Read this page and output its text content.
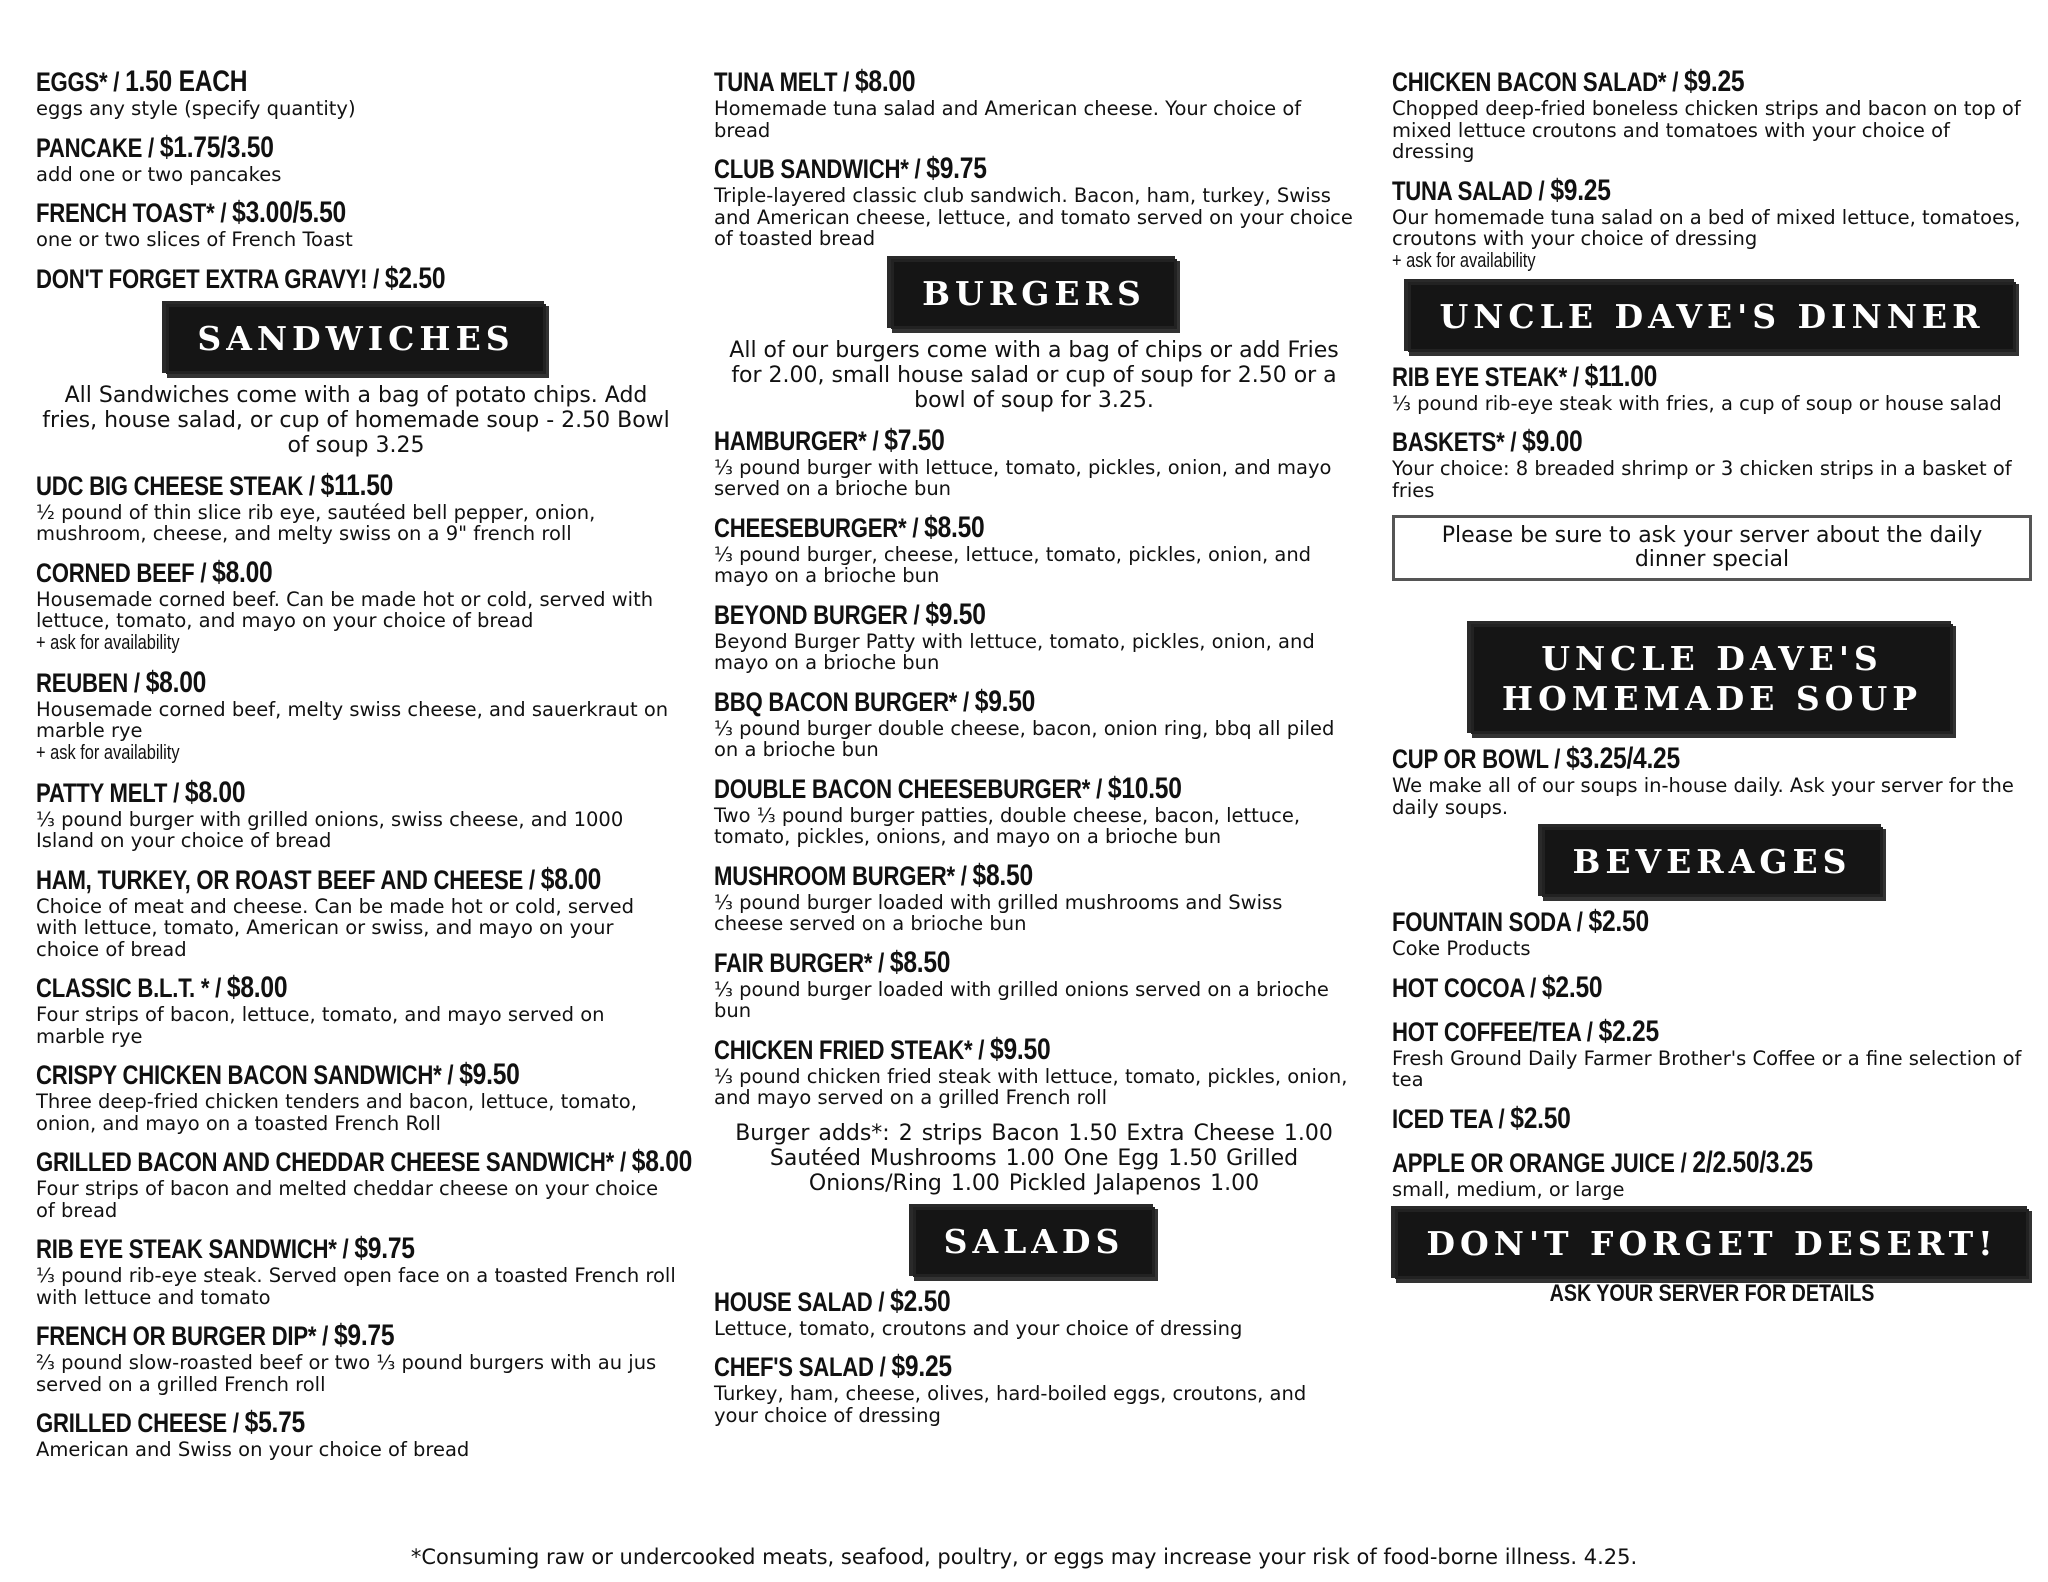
EGGS* / 1.50 EACH
eggs any style (specify quantity)
PANCAKE / $1.75/3.50
add one or two pancakes
FRENCH TOAST* / $3.00/5.50
one or two slices of French Toast
DON'T FORGET EXTRA GRAVY! / $2.50
SANDWICHES
All Sandwiches come with a bag of potato chips. Add fries, house salad, or cup of homemade soup - 2.50 Bowl of soup 3.25
UDC BIG CHEESE STEAK / $11.50
½ pound of thin slice rib eye, sautéed bell pepper, onion, mushroom, cheese, and melty swiss on a 9" french roll
CORNED BEEF / $8.00
Housemade corned beef. Can be made hot or cold, served with lettuce, tomato, and mayo on your choice of bread
+ ask for availability
REUBEN / $8.00
Housemade corned beef, melty swiss cheese, and sauerkraut on marble rye
+ ask for availability
PATTY MELT / $8.00
⅓ pound burger with grilled onions, swiss cheese, and 1000 Island on your choice of bread
HAM, TURKEY, OR ROAST BEEF AND CHEESE / $8.00
Choice of meat and cheese. Can be made hot or cold, served with lettuce, tomato, American or swiss, and mayo on your choice of bread
CLASSIC B.L.T. * / $8.00
Four strips of bacon, lettuce, tomato, and mayo served on marble rye
CRISPY CHICKEN BACON SANDWICH* / $9.50
Three deep-fried chicken tenders and bacon, lettuce, tomato, onion, and mayo on a toasted French Roll
GRILLED BACON AND CHEDDAR CHEESE SANDWICH* / $8.00
Four strips of bacon and melted cheddar cheese on your choice of bread
RIB EYE STEAK SANDWICH* / $9.75
⅓ pound rib-eye steak. Served open face on a toasted French roll with lettuce and tomato
FRENCH OR BURGER DIP* / $9.75
⅔ pound slow-roasted beef or two ⅓ pound burgers with au jus served on a grilled French roll
GRILLED CHEESE / $5.75
American and Swiss on your choice of bread
TUNA MELT / $8.00
Homemade tuna salad and American cheese. Your choice of bread
CLUB SANDWICH* / $9.75
Triple-layered classic club sandwich. Bacon, ham, turkey, Swiss and American cheese, lettuce, and tomato served on your choice of toasted bread
BURGERS
All of our burgers come with a bag of chips or add Fries for 2.00, small house salad or cup of soup for 2.50 or a bowl of soup for 3.25.
HAMBURGER* / $7.50
⅓ pound burger with lettuce, tomato, pickles, onion, and mayo served on a brioche bun
CHEESEBURGER* / $8.50
⅓ pound burger, cheese, lettuce, tomato, pickles, onion, and mayo on a brioche bun
BEYOND BURGER / $9.50
Beyond Burger Patty with lettuce, tomato, pickles, onion, and mayo on a brioche bun
BBQ BACON BURGER* / $9.50
⅓ pound burger double cheese, bacon, onion ring, bbq all piled on a brioche bun
DOUBLE BACON CHEESEBURGER* / $10.50
Two ⅓ pound burger patties, double cheese, bacon, lettuce, tomato, pickles, onions, and mayo on a brioche bun
MUSHROOM BURGER* / $8.50
⅓ pound burger loaded with grilled mushrooms and Swiss cheese served on a brioche bun
FAIR BURGER* / $8.50
⅓ pound burger loaded with grilled onions served on a brioche bun
CHICKEN FRIED STEAK* / $9.50
⅓ pound chicken fried steak with lettuce, tomato, pickles, onion, and mayo served on a grilled French roll
Burger adds*: 2 strips Bacon 1.50 Extra Cheese 1.00 Sautéed Mushrooms 1.00 One Egg 1.50 Grilled Onions/Ring 1.00 Pickled Jalapenos 1.00
SALADS
HOUSE SALAD / $2.50
Lettuce, tomato, croutons and your choice of dressing
CHEF'S SALAD / $9.25
Turkey, ham, cheese, olives, hard-boiled eggs, croutons, and your choice of dressing
CHICKEN BACON SALAD* / $9.25
Chopped deep-fried boneless chicken strips and bacon on top of mixed lettuce croutons and tomatoes with your choice of dressing
TUNA SALAD / $9.25
Our homemade tuna salad on a bed of mixed lettuce, tomatoes, croutons with your choice of dressing
+ ask for availability
UNCLE DAVE'S DINNER
RIB EYE STEAK* / $11.00
⅓ pound rib-eye steak with fries, a cup of soup or house salad
BASKETS* / $9.00
Your choice: 8 breaded shrimp or 3 chicken strips in a basket of fries
Please be sure to ask your server about the daily dinner special
UNCLE DAVE'S
HOMEMADE SOUP
CUP OR BOWL / $3.25/4.25
We make all of our soups in-house daily. Ask your server for the daily soups.
BEVERAGES
FOUNTAIN SODA / $2.50
Coke Products
HOT COCOA / $2.50
HOT COFFEE/TEA / $2.25
Fresh Ground Daily Farmer Brother's Coffee or a fine selection of tea
ICED TEA / $2.50
APPLE OR ORANGE JUICE / 2/2.50/3.25
small, medium, or large
DON'T FORGET DESERT!
ASK YOUR SERVER FOR DETAILS
*Consuming raw or undercooked meats, seafood, poultry, or eggs may increase your risk of food-borne illness. 4.25.
